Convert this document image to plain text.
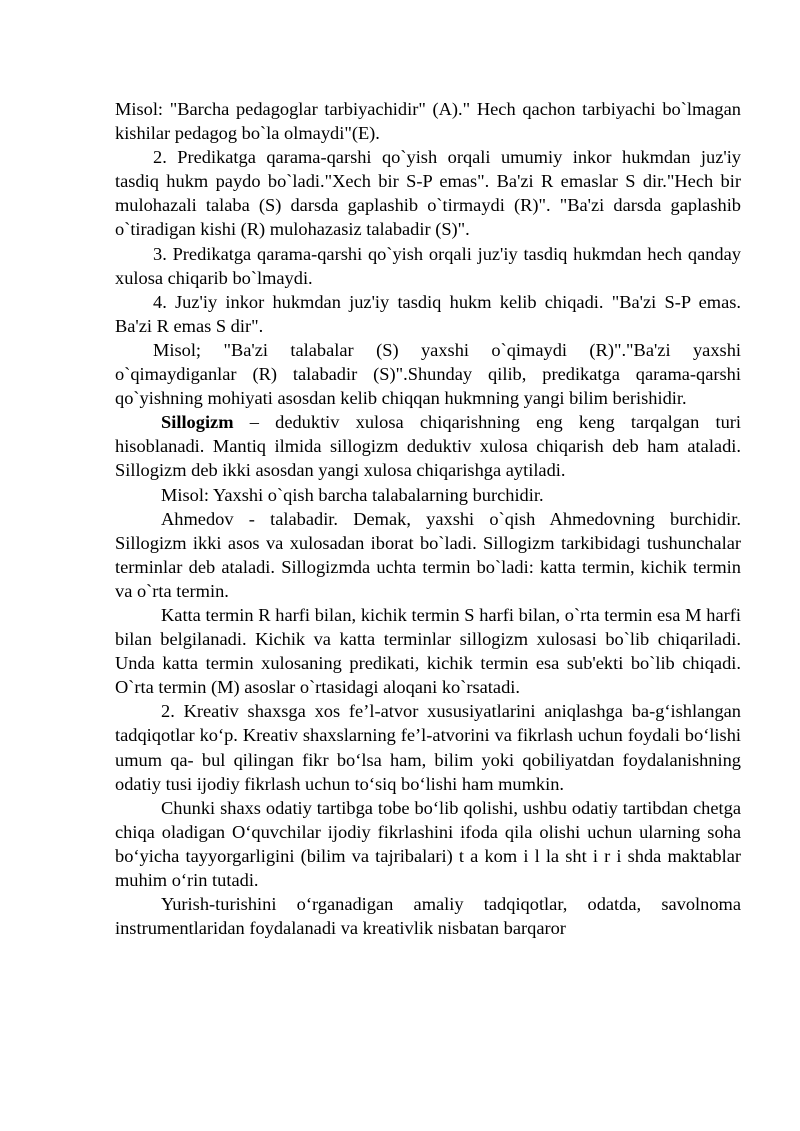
Misol: "Barcha pedagoglar tarbiyachidir" (A)." Hech qachon tarbiyachi bo`lmagan kishilar pedagog bo`la olmaydi"(E).

2. Predikatga qarama-qarshi qo`yish orqali umumiy inkor hukmdan juz'iy tasdiq hukm paydo bo`ladi."Xech bir S-P emas". Ba'zi R emaslar S dir."Hech bir mulohazali talaba (S) darsda gaplashib o`tirmaydi (R)". "Ba'zi darsda gaplashib o`tiradigan kishi (R) mulohazasiz talabadir (S)".

3. Predikatga qarama-qarshi qo`yish orqali juz'iy tasdiq hukmdan hech qanday xulosa chiqarib bo`lmaydi.

4. Juz'iy inkor hukmdan juz'iy tasdiq hukm kelib chiqadi. "Ba'zi S-P emas. Ba'zi R emas S dir".

Misol; "Ba'zi talabalar (S) yaxshi o`qimaydi (R)"."Ba'zi yaxshi o`qimaydiganlar (R) talabadir (S)".Shunday qilib, predikatga qarama-qarshi qo`yishning mohiyati asosdan kelib chiqqan hukmning yangi bilim berishidir.

Sillogizm – deduktiv xulosa chiqarishning eng keng tarqalgan turi hisoblanadi. Mantiq ilmida sillogizm deduktiv xulosa chiqarish deb ham ataladi. Sillogizm deb ikki asosdan yangi xulosa chiqarishga aytiladi.

Misol: Yaxshi o`qish barcha talabalarning burchidir.

Ahmedov - talabadir. Demak, yaxshi o`qish Ahmedovning burchidir. Sillogizm ikki asos va xulosadan iborat bo`ladi. Sillogizm tarkibidagi tushunchalar terminlar deb ataladi. Sillogizmda uchta termin bo`ladi: katta termin, kichik termin va o`rta termin.

Katta termin R harfi bilan, kichik termin S harfi bilan, o`rta termin esa M harfi bilan belgilanadi. Kichik va katta terminlar sillogizm xulosasi bo`lib chiqariladi. Unda katta termin xulosaning predikati, kichik termin esa sub'ekti bo`lib chiqadi. O`rta termin (M) asoslar o`rtasidagi aloqani ko`rsatadi.

2. Kreativ shaxsga xos fe’l-atvor xususiyatlarini aniqlashga ba-g‘ishlangan tadqiqotlar ko‘p. Kreativ shaxslarning fe’l-atvorini va fikrlash uchun foydali bo‘lishi umum qa- bul qilingan fikr bo‘lsa ham, bilim yoki qobiliyatdan foydalanishning odatiy tusi ijodiy fikrlash uchun to‘siq bo‘lishi ham mumkin.

Chunki shaxs odatiy tartibga tobe bo‘lib qolishi, ushbu odatiy tartibdan chetga chiqa oladigan O‘quvchilar ijodiy fikrlashini ifoda qila olishi uchun ularning soha bo‘yicha tayyorgarligini (bilim va tajribalari) t a kom i l la sht i r i shda maktablar muhim o‘rin tutadi.

Yurish-turishini o‘rganadigan amaliy tadqiqotlar, odatda, savolnoma instrumentlaridan foydalanadi va kreativlik nisbatan barqaror
